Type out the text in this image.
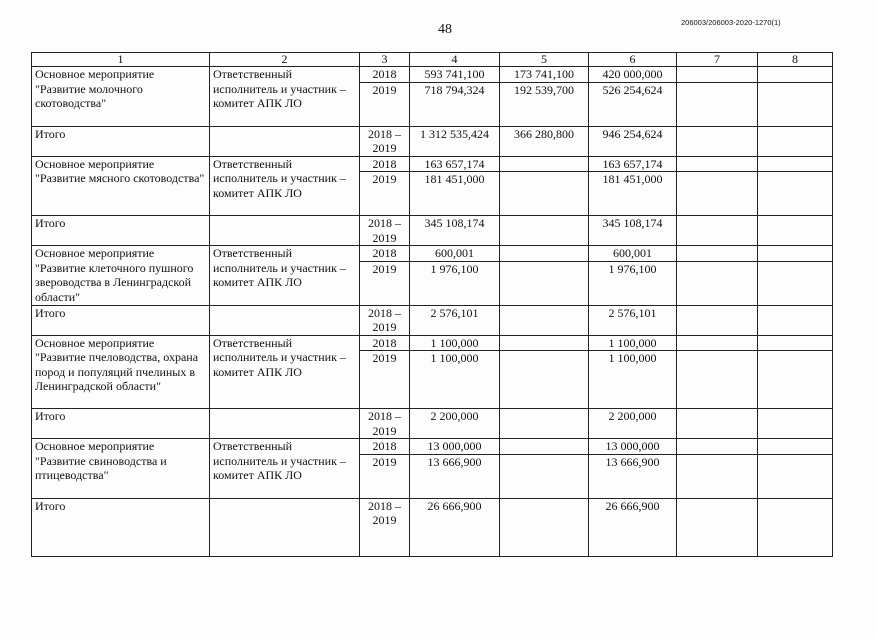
48	206003/206003-2020-1270(1)
1	2	3	4	5	6	7	8
Основное мероприятие "Развитие молочного скотоводства"	Ответственный исполнитель и участник – комитет АПК ЛО	2018	593 741,100	173 741,100	420 000,000		
		2019	718 794,324	192 539,700	526 254,624		
Итого		2018 – 2019	1 312 535,424	366 280,800	946 254,624		
Основное мероприятие "Развитие мясного скотоводства"	Ответственный исполнитель и участник – комитет АПК ЛО	2018	163 657,174		163 657,174		
		2019	181 451,000		181 451,000		
Итого		2018 – 2019	345 108,174		345 108,174		
Основное мероприятие "Развитие клеточного пушного звероводства в Ленинградской области"	Ответственный исполнитель и участник – комитет АПК ЛО	2018	600,001		600,001		
		2019	1 976,100		1 976,100		
Итого		2018 – 2019	2 576,101		2 576,101		
Основное мероприятие "Развитие пчеловодства, охрана пород и популяций пчелиных в Ленинградской области"	Ответственный исполнитель и участник – комитет АПК ЛО	2018	1 100,000		1 100,000		
		2019	1 100,000		1 100,000		
Итого		2018 – 2019	2 200,000		2 200,000		
Основное мероприятие "Развитие свиноводства и птицеводства"	Ответственный исполнитель и участник – комитет АПК ЛО	2018	13 000,000		13 000,000		
		2019	13 666,900		13 666,900		
Итого		2018 – 2019	26 666,900		26 666,900		
